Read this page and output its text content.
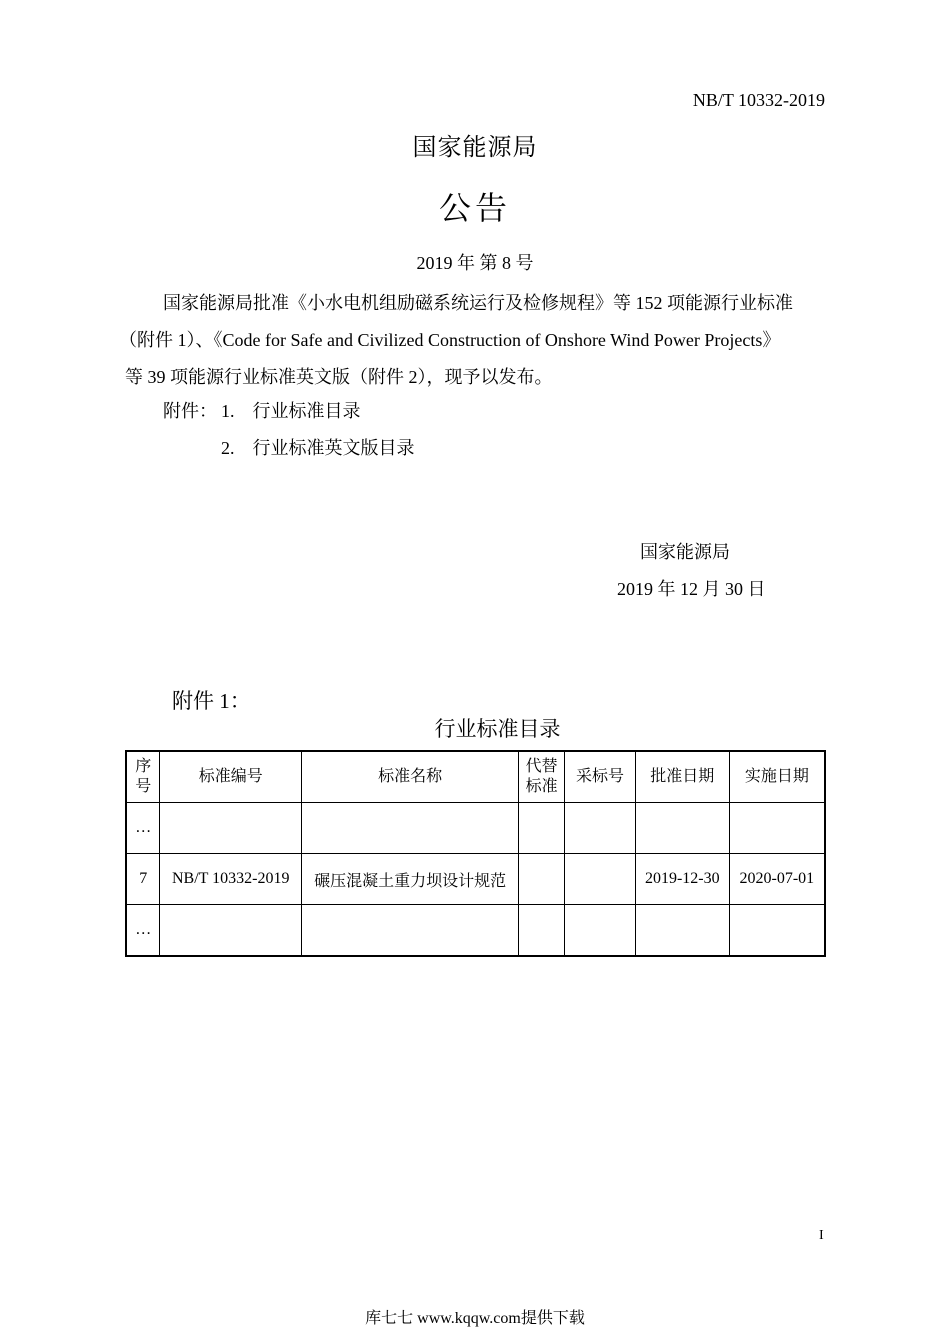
NB/T 10332-2019
国家能源局
公告
2019 年 第 8 号
国家能源局批准《小水电机组励磁系统运行及检修规程》等 152 项能源行业标准
（附件 1）、《Code for Safe and Civilized Construction of Onshore Wind Power Projects》
等 39 项能源行业标准英文版（附件 2），现予以发布。
附件： 1.    行业标准目录
2.    行业标准英文版目录
国家能源局
2019 年 12 月 30 日
附件 1：
行业标准目录
序号	标准编号	标准名称	代替标准	采标号	批准日期	实施日期
…						
7	NB/T 10332-2019	碾压混凝土重力坝设计规范			2019-12-30	2020-07-01
…						
I
库七七 www.kqqw.com提供下载
